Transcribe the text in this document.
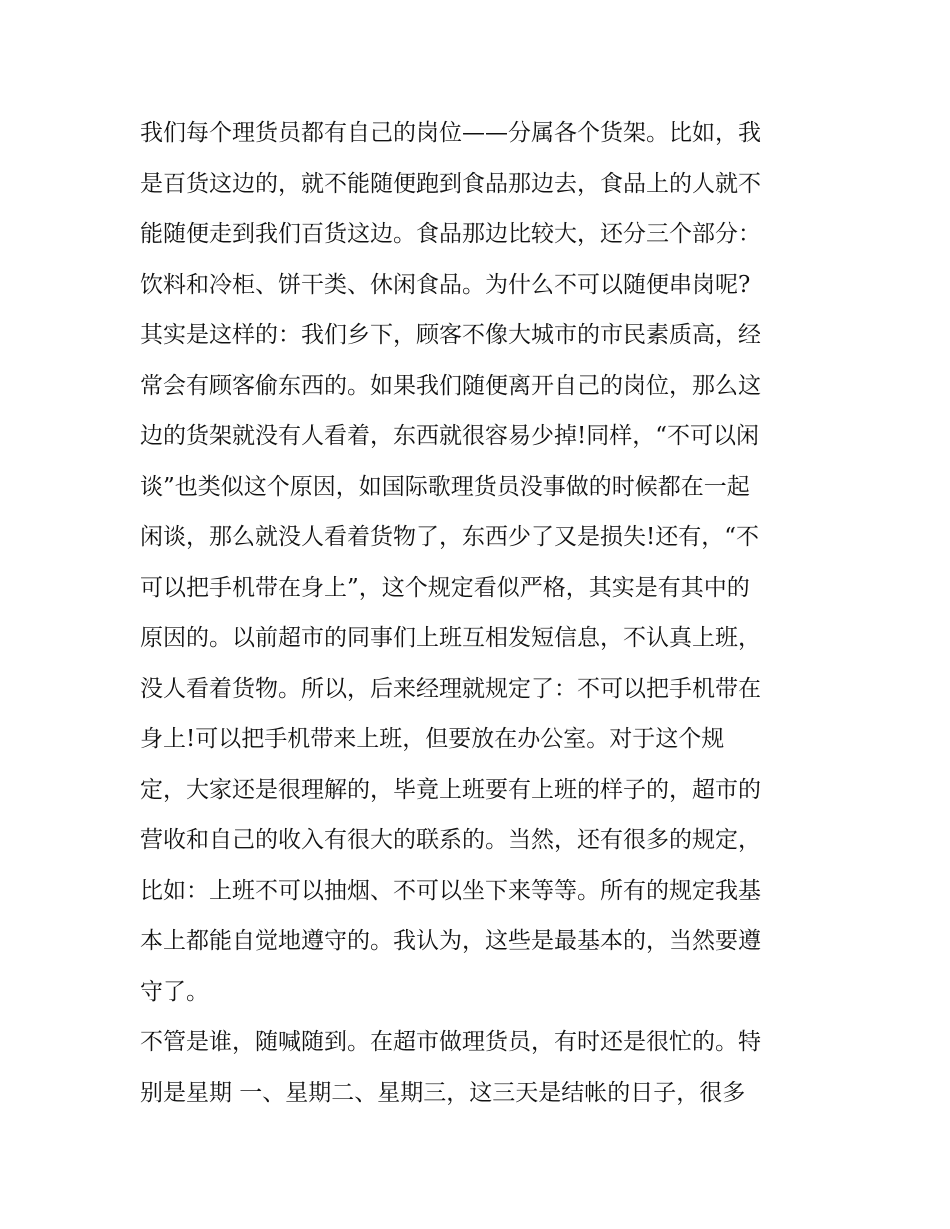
我们每个理货员都有自己的岗位——分属各个货架。比如，我
是百货这边的，就不能随便跑到食品那边去，食品上的人就不
能随便走到我们百货这边。食品那边比较大，还分三个部分：
饮料和冷柜、饼干类、休闲食品。为什么不可以随便串岗呢?
其实是这样的：我们乡下，顾客不像大城市的市民素质高，经
常会有顾客偷东西的。如果我们随便离开自己的岗位，那么这
边的货架就没有人看着，东西就很容易少掉!同样，“不可以闲
谈”也类似这个原因，如国际歌理货员没事做的时候都在一起
闲谈，那么就没人看着货物了，东西少了又是损失!还有，“不
可以把手机带在身上”，这个规定看似严格，其实是有其中的
原因的。以前超市的同事们上班互相发短信息，不认真上班，
没人看着货物。所以，后来经理就规定了：不可以把手机带在
身上!可以把手机带来上班，但要放在办公室。对于这个规
定，大家还是很理解的，毕竟上班要有上班的样子的，超市的
营收和自己的收入有很大的联系的。当然，还有很多的规定，
比如：上班不可以抽烟、不可以坐下来等等。所有的规定我基
本上都能自觉地遵守的。我认为，这些是最基本的，当然要遵
守了。
不管是谁，随喊随到。在超市做理货员，有时还是很忙的。特
别是星期 一、星期二、星期三，这三天是结帐的日子，很多
